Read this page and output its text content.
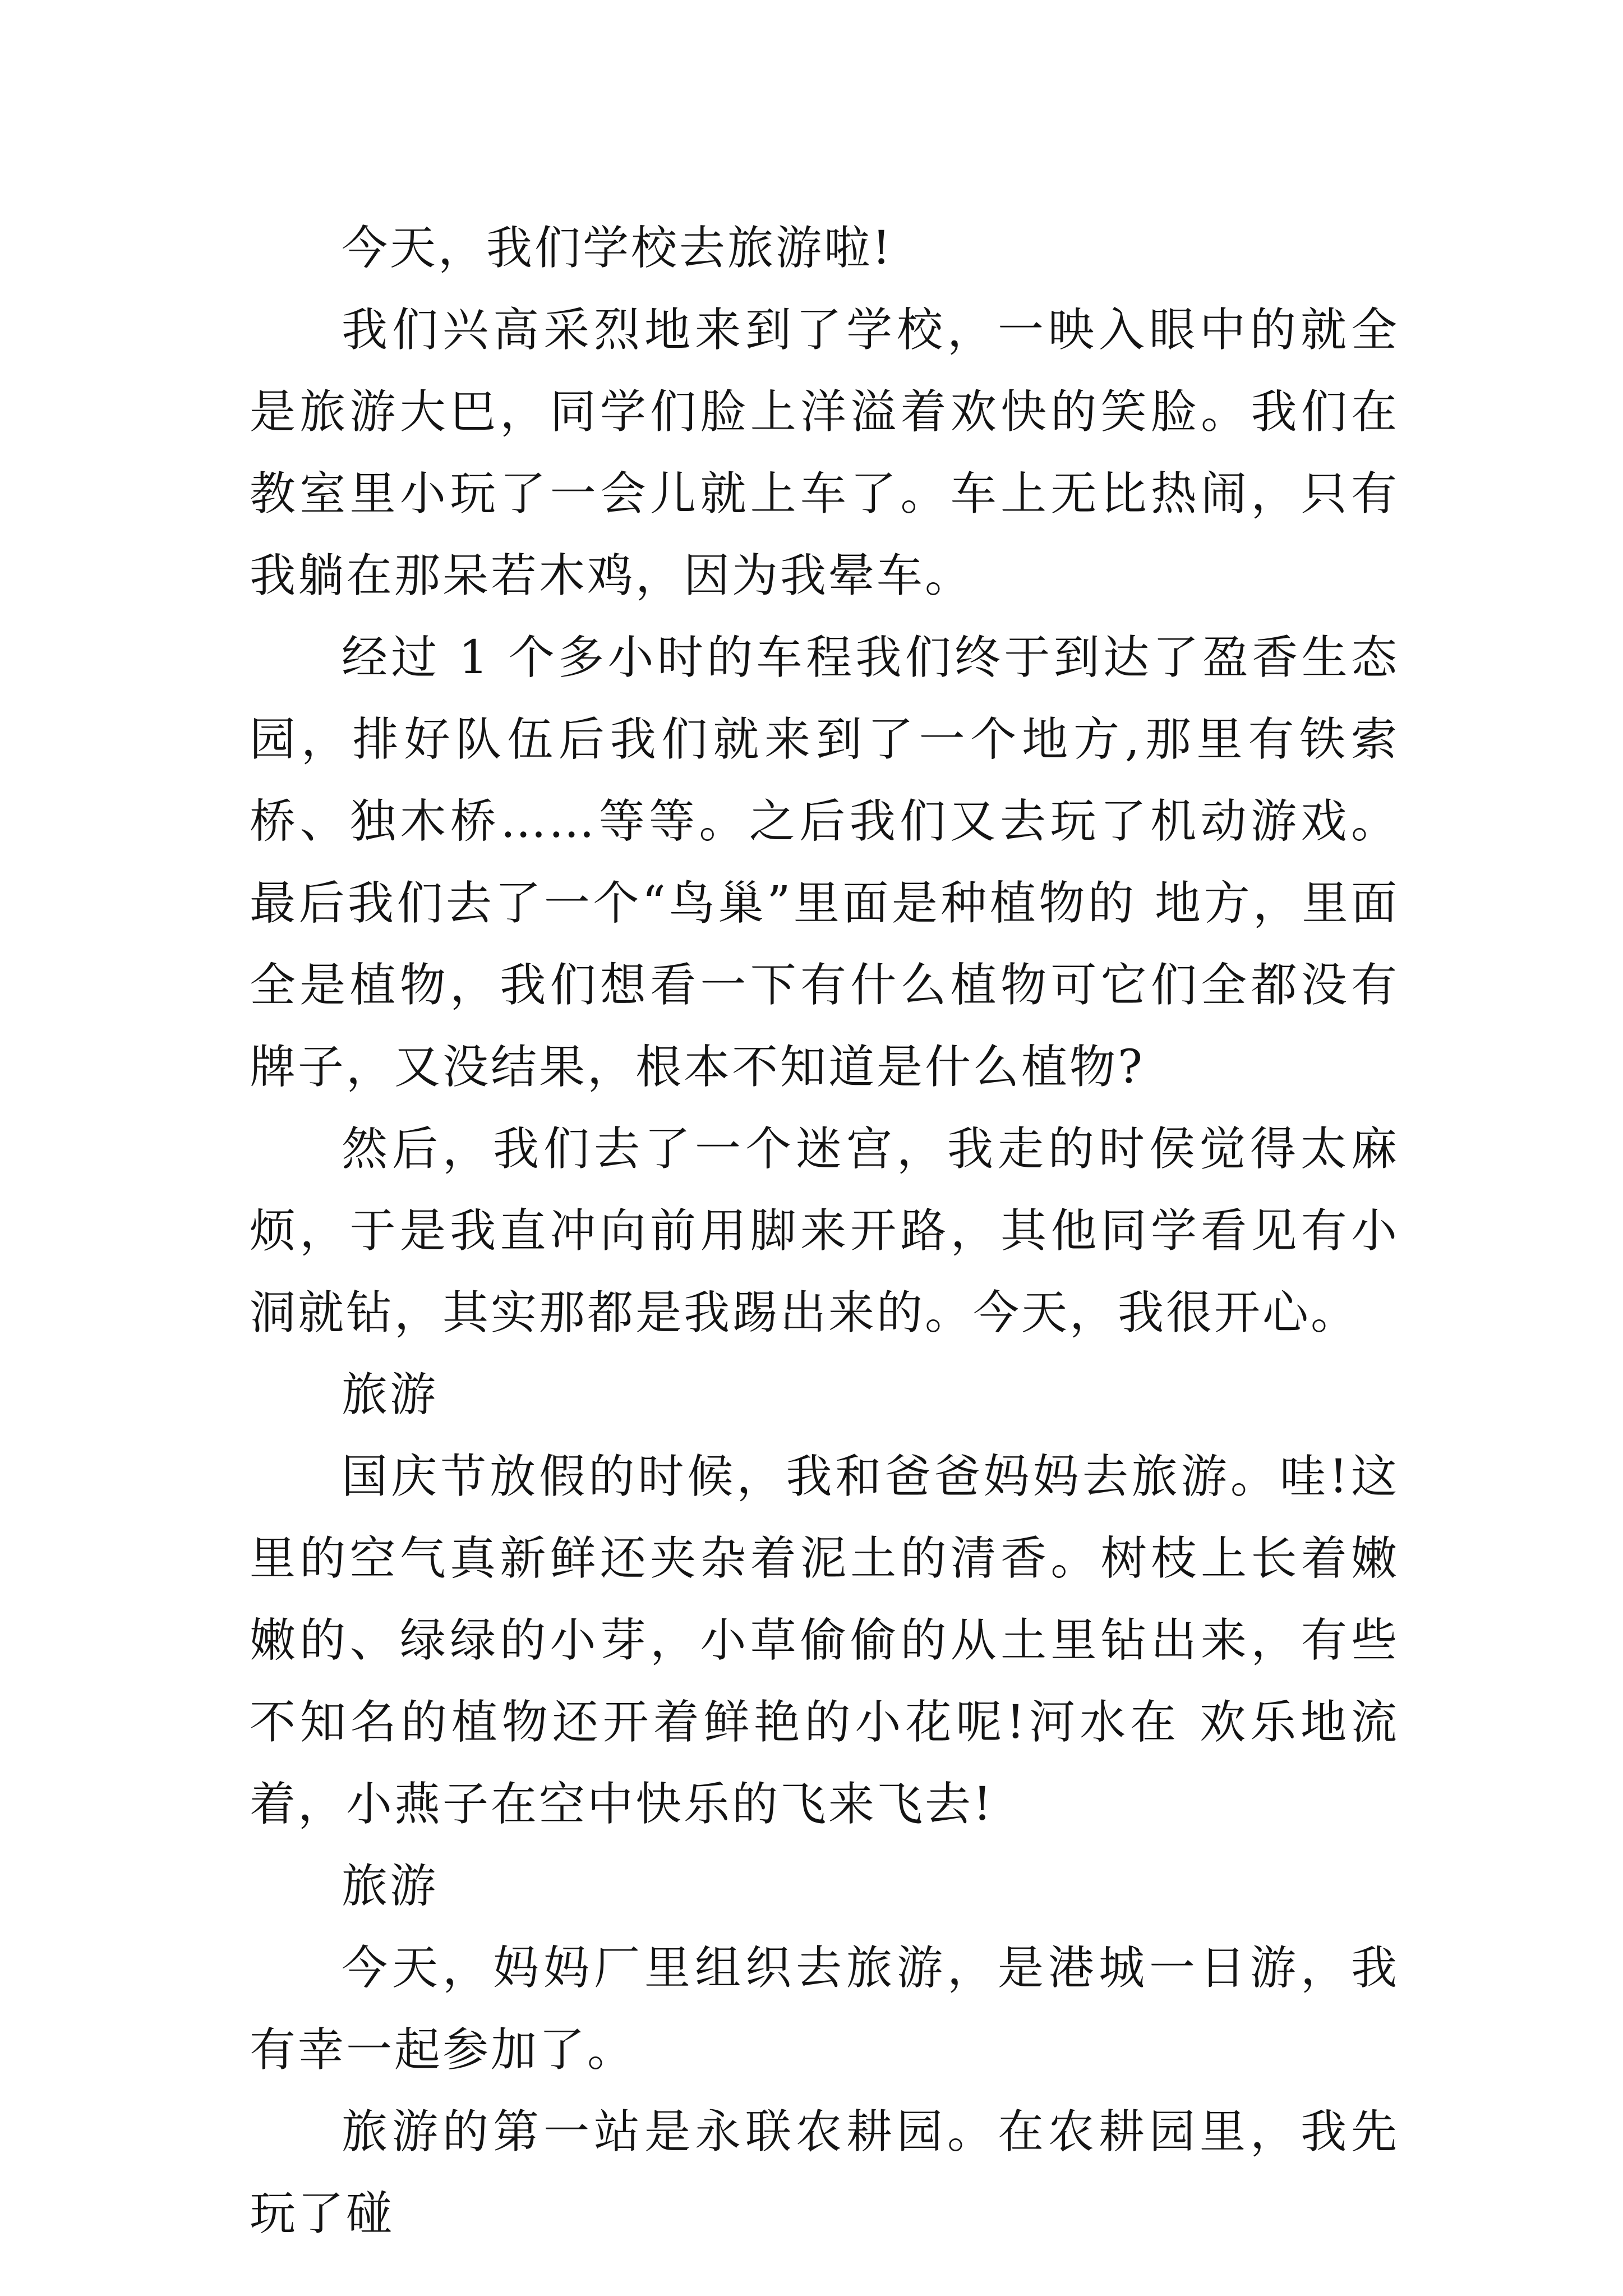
今天，我们学校去旅游啦!

我们兴高采烈地来到了学校，一映入眼中的就全是旅游大巴，同学们脸上洋溢着欢快的笑脸。我们在教室里小玩了一会儿就上车了。车上无比热闹，只有我躺在那呆若木鸡，因为我晕车。

经过 1 个多小时的车程我们终于到达了盈香生态园，排好队伍后我们就来到了一个地方,那里有铁索桥、独木桥……等等。之后我们又去玩了机动游戏。最后我们去了一个“鸟巢”里面是种植物的 地方，里面全是植物，我们想看一下有什么植物可它们全都没有牌子，又没结果，根本不知道是什么植物?

然后，我们去了一个迷宫，我走的时侯觉得太麻烦，于是我直冲向前用脚来开路，其他同学看见有小洞就钻，其实那都是我踢出来的。今天，我很开心。

旅游

国庆节放假的时候，我和爸爸妈妈去旅游。哇!这里的空气真新鲜还夹杂着泥土的清香。树枝上长着嫩嫩的、绿绿的小芽，小草偷偷的从土里钻出来，有些不知名的植物还开着鲜艳的小花呢!河水在 欢乐地流着，小燕子在空中快乐的飞来飞去!

旅游

今天，妈妈厂里组织去旅游，是港城一日游，我有幸一起参加了。

旅游的第一站是永联农耕园。在农耕园里，我先玩了碰
